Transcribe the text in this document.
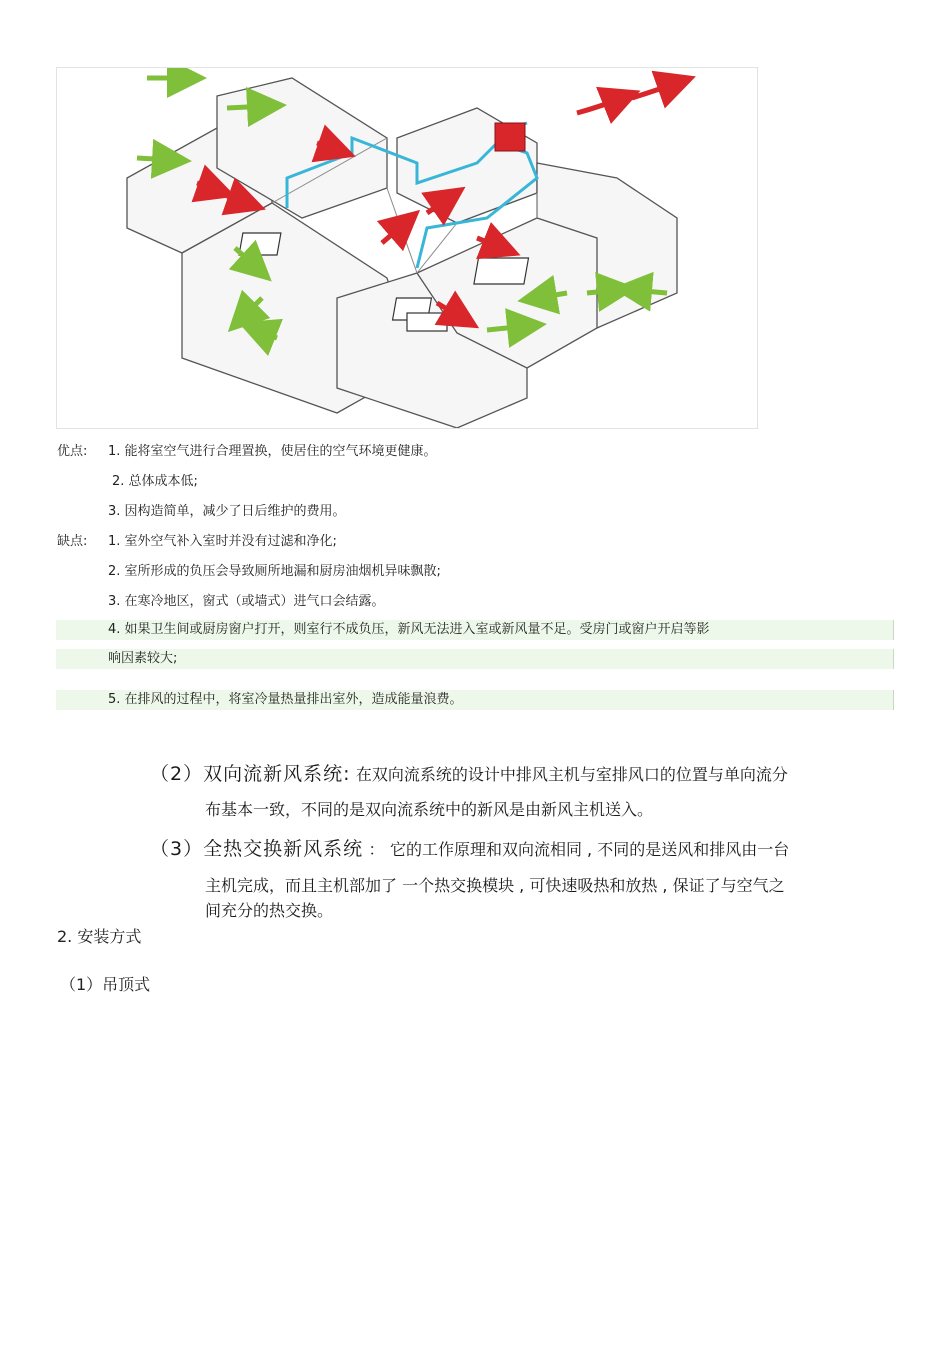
优点: 1. 能将室空气进行合理置换，使居住的空气环境更健康。
2. 总体成本低;
3. 因构造简单，减少了日后维护的费用。
缺点: 1. 室外空气补入室时并没有过滤和净化;
2. 室所形成的负压会导致厕所地漏和厨房油烟机异味飘散;
3. 在寒冷地区，窗式（或墙式）进气口会结露。
4. 如果卫生间或厨房窗户打开，则室行不成负压，新风无法进入室或新风量不足。受房门或窗户开启等影
响因素较大;
5. 在排风的过程中，将室冷量热量排出室外，造成能量浪费。
（2）双向流新风系统: 在双向流系统的设计中排风主机与室排风口的位置与单向流分
布基本一致，不同的是双向流系统中的新风是由新风主机送入。
（3）全热交换新风系统 ： 它的工作原理和双向流相同 , 不同的是送风和排风由一台
主机完成，而且主机部加了 一个热交换模块 , 可快速吸热和放热 , 保证了与空气之
间充分的热交换。
2. 安装方式
（1）吊顶式
